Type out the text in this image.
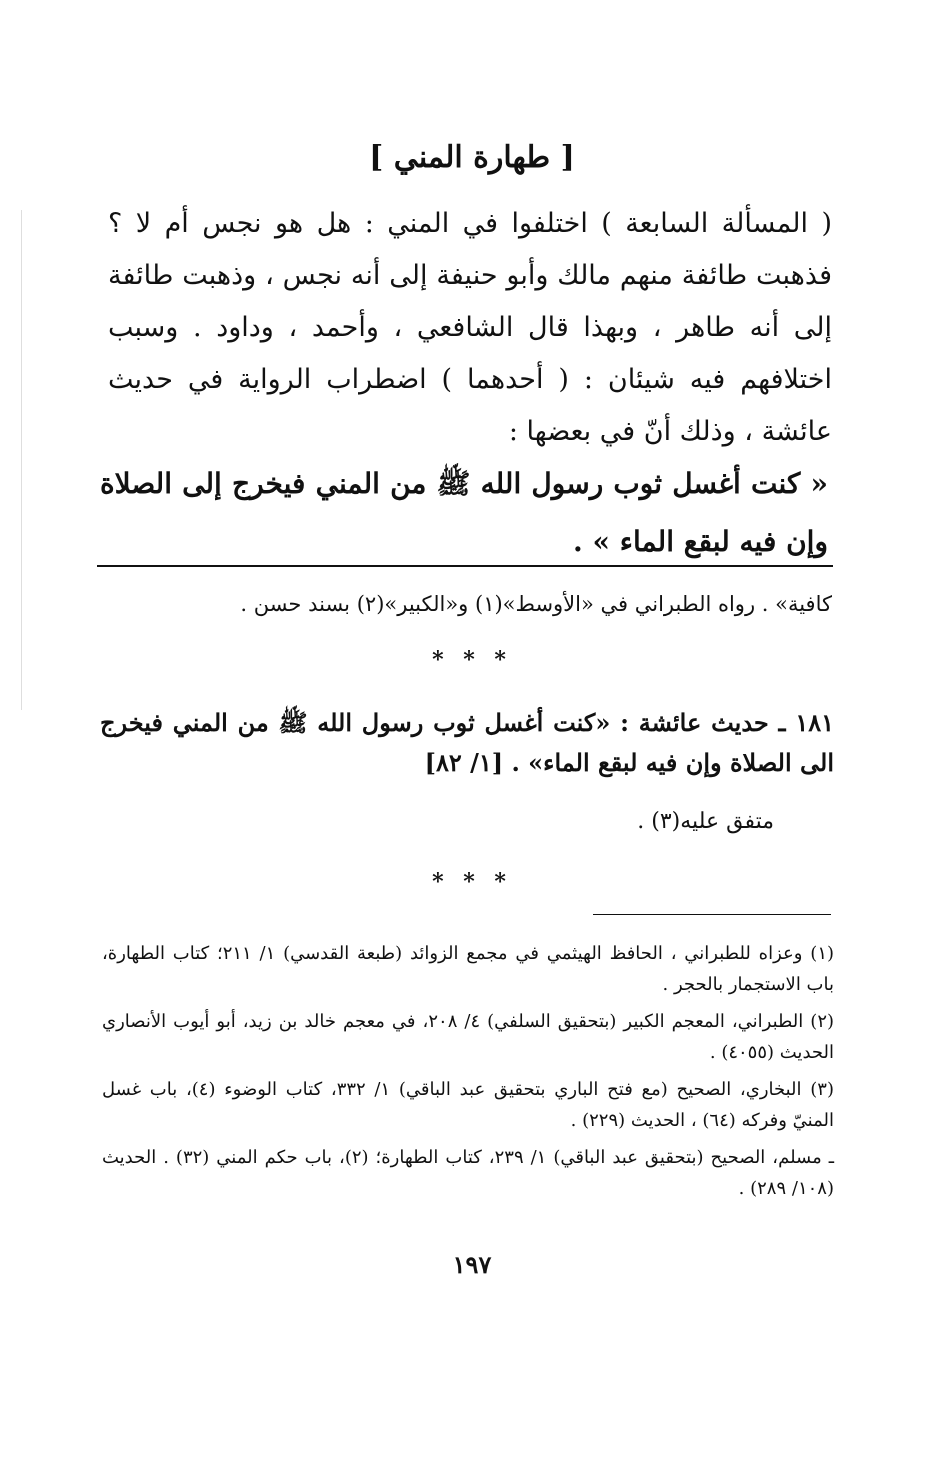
[ طهارة المني ]
( المسألة السابعة ) اختلفوا في المني : هل هو نجس أم لا ؟ فذهبت طائفة منهم مالك وأبو حنيفة إلى أنه نجس ، وذهبت طائفة إلى أنه طاهر ، وبهذا قال الشافعي ، وأحمد ، وداود . وسبب اختلافهم فيه شيئان : ( أحدهما ) اضطراب الرواية في حديث عائشة ، وذلك أنّ في بعضها :
« كنت أغسل ثوب رسول الله ﷺ من المني فيخرج إلى الصلاة وإن فيه لبقع الماء » .
كافية» . رواه الطبراني في «الأوسط»(١) و«الكبير»(٢) بسند حسن .
* * *
١٨١ ـ حديث عائشة : «كنت أغسل ثوب رسول الله ﷺ من المني فيخرج الى الصلاة وإن فيه لبقع الماء» . [١/ ٨٢]
متفق عليه(٣) .
* * *

(١) وعزاه للطبراني ، الحافظ الهيثمي في مجمع الزوائد (طبعة القدسي) ١/ ٢١١؛ كتاب الطهارة، باب الاستجمار بالحجر .

(٢) الطبراني، المعجم الكبير (بتحقيق السلفي) ٤/ ٢٠٨، في معجم خالد بن زيد، أبو أيوب الأنصاري الحديث (٤٠٥٥) .

(٣) البخاري، الصحيح (مع فتح الباري بتحقيق عبد الباقي) ١/ ٣٣٢، كتاب الوضوء (٤)، باب غسل المنيّ وفركه (٦٤) ، الحديث (٢٢٩) .

ـ مسلم، الصحيح (بتحقيق عبد الباقي) ١/ ٢٣٩، كتاب الطهارة؛ (٢)، باب حكم المني (٣٢) . الحديث (١٠٨/ ٢٨٩) .

١٩٧
